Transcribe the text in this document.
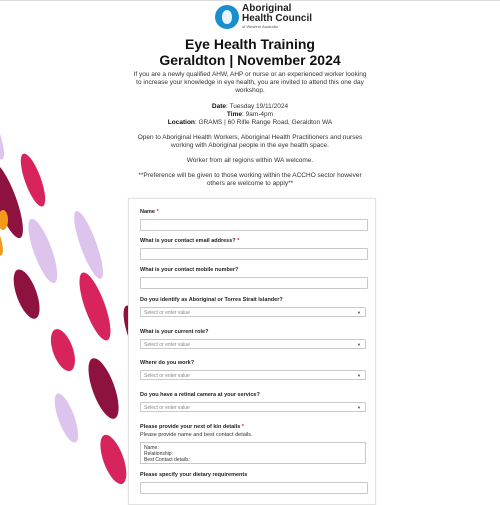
Aboriginal
Health Council
of Western Australia
Eye Health Training
Geraldton | November 2024
If you are a newly qualified AHW, AHP or nurse or an experienced worker looking to increase your knowledge in eye health, you are invited to attend this one day workshop.
Date: Tuesday 19/11/2024
Time: 9am-4pm
Location: GRAMS | 60 Rifle Range Road, Geraldton WA
Open to Aboriginal Health Workers, Aboriginal Health Practitioners and nurses working with Aboriginal people in the eye health space.
Worker from all regions within WA welcome.
**Preference will be given to those working within the ACCHO sector however others are welcome to apply**
Name *
What is your contact email address? *
What is your contact mobile number?
Do you identify as Aboriginal or Torres Strait Islander?
Select or enter value	▼
What is your current role?
Select or enter value	▼
Where do you work?
Select or enter value	▼
Do you have a retinal camera at your service?
Select or enter value	▼
Please provide your next of kin details *
Please provide name and best contact details.
Name:
Relationship:
Best Contact details:
Please specify your dietary requirements
